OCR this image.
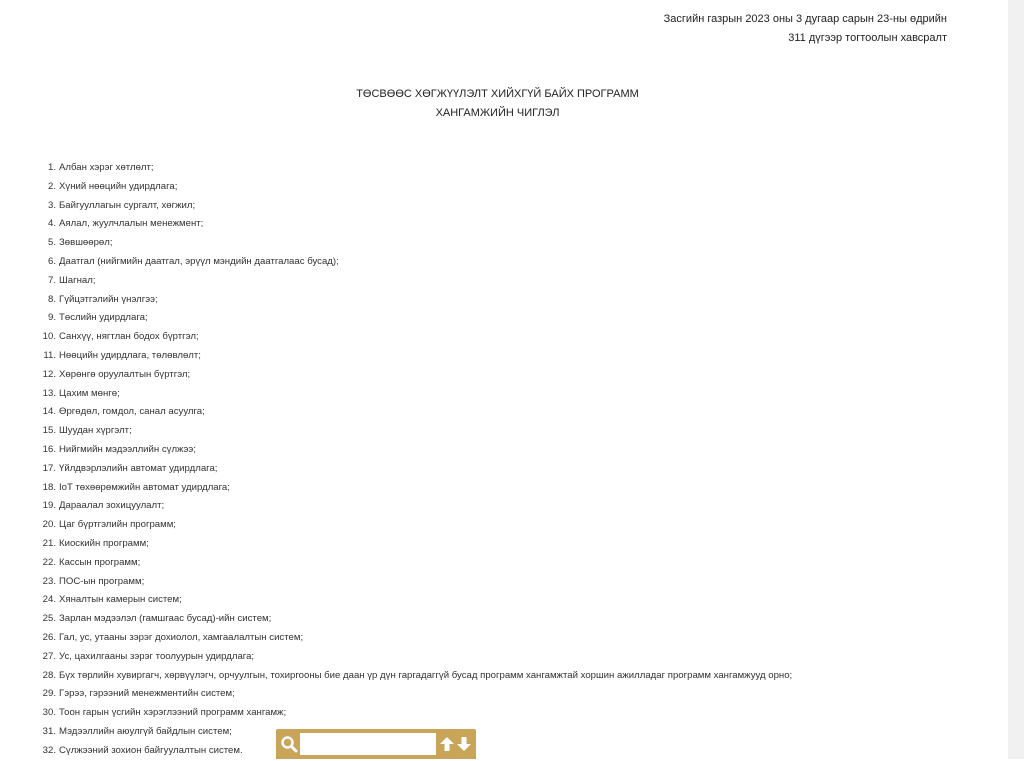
Засгийн газрын 2023 оны 3 дугаар сарын 23-ны өдрийн
311 дүгээр тогтоолын хавсралт
ТӨСВӨӨС ХӨГЖҮҮЛЭЛТ ХИЙХГҮЙ БАЙХ ПРОГРАММ
ХАНГАМЖИЙН ЧИГЛЭЛ
1. Албан хэрэг хөтлөлт;
2. Хүний нөөцийн удирдлага;
3. Байгууллагын сургалт, хөгжил;
4. Аялал, жуулчлалын менежмент;
5. Зөвшөөрөл;
6. Даатгал (нийгмийн даатгал, эрүүл мэндийн даатгалаас бусад);
7. Шагнал;
8. Гүйцэтгэлийн үнэлгээ;
9. Төслийн удирдлага;
10. Санхүү, нягтлан бодох бүртгэл;
11. Нөөцийн удирдлага, төлөвлөлт;
12. Хөрөнгө оруулалтын бүртгэл;
13. Цахим мөнгө;
14. Өргөдөл, гомдол, санал асуулга;
15. Шуудан хүргэлт;
16. Нийгмийн мэдээллийн сүлжээ;
17. Үйлдвэрлэлийн автомат удирдлага;
18. IoT төхөөрөмжийн автомат удирдлага;
19. Дараалал зохицуулалт;
20. Цаг бүртгэлийн программ;
21. Киоскийн программ;
22. Кассын программ;
23. ПОС-ын программ;
24. Хяналтын камерын систем;
25. Зарлан мэдээлэл (гамшгаас бусад)-ийн систем;
26. Гал, ус, утааны зэрэг дохиолол, хамгаалалтын систем;
27. Ус, цахилгааны зэрэг тоолуурын удирдлага;
28. Бүх төрлийн хувиргагч, хөрвүүлэгч, орчуулгын, тохиргооны бие даан үр дүн гаргадаггүй бусад программ хангамжтай хоршин ажилладаг программ хангамжууд орно;
29. Гэрээ, гэрээний менежментийн систем;
30. Тоон гарын үсгийн хэрэглээний программ хангамж;
31. Мэдээллийн аюулгүй байдлын систем;
32. Сүлжээний зохион байгуулалтын систем.
